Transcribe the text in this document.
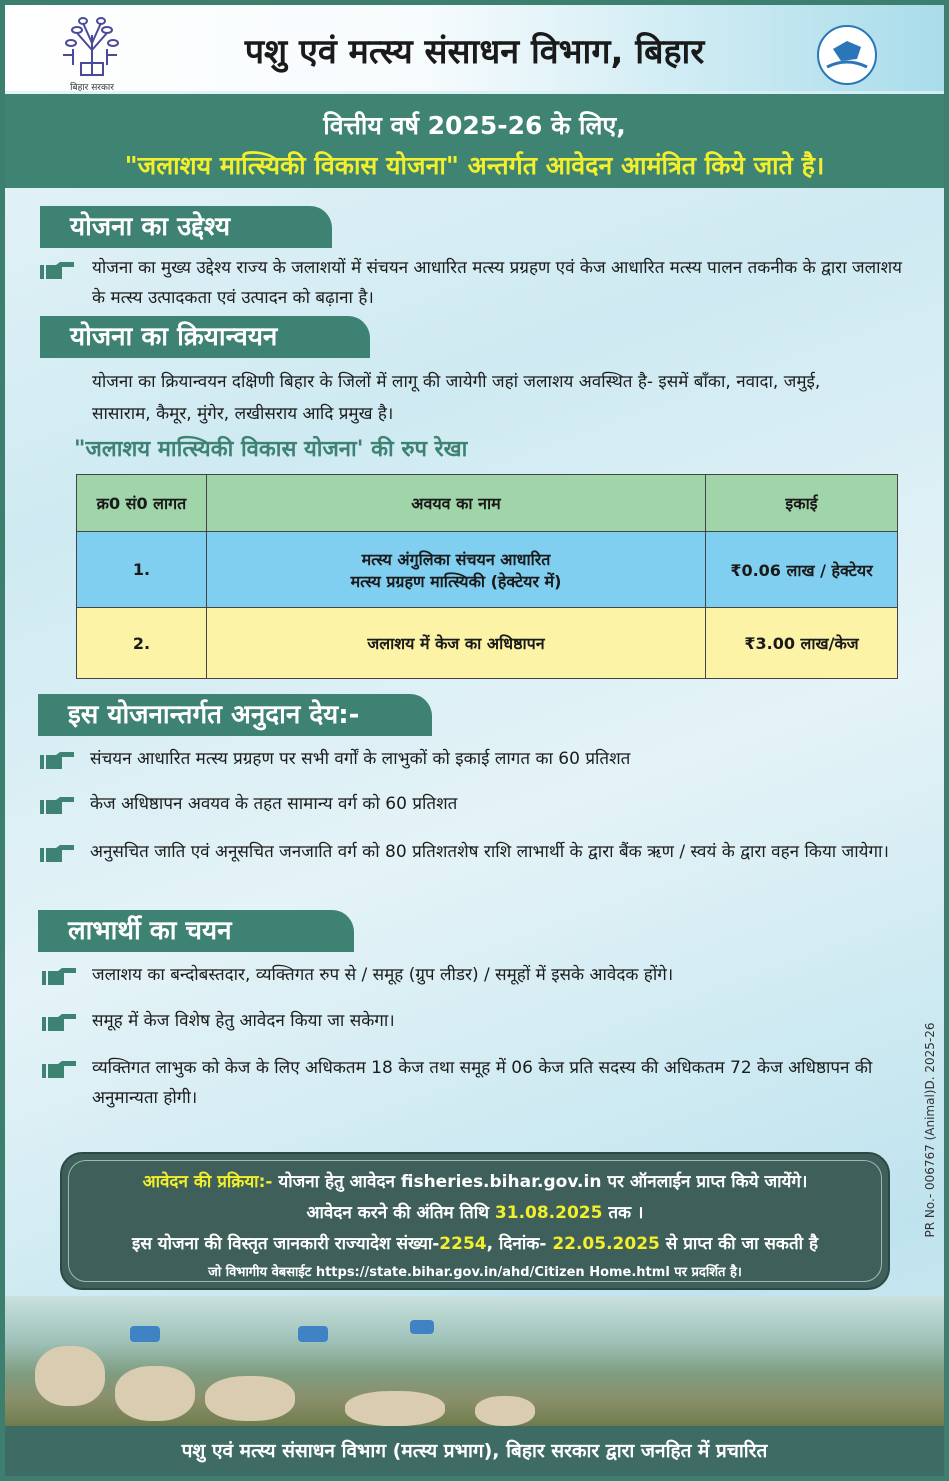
बिहार सरकार
पशु एवं मत्स्य संसाधन विभाग, बिहार
वित्तीय वर्ष 2025-26 के लिए,
"जलाशय मात्स्यिकी विकास योजना" अन्तर्गत आवेदन आमंत्रित किये जाते है।
योजना का उद्देश्य
योजना का मुख्य उद्देश्य राज्य के जलाशयों में संचयन आधारित मत्स्य प्रग्रहण एवं केज आधारित मत्स्य पालन तकनीक के द्वारा जलाशय के मत्स्य उत्पादकता एवं उत्पादन को बढ़ाना है।
योजना का क्रियान्वयन
योजना का क्रियान्वयन दक्षिणी बिहार के जिलों में लागू की जायेगी जहां जलाशय अवस्थित है- इसमें बाँका, नवादा, जमुई, सासाराम, कैमूर, मुंगेर, लखीसराय आदि प्रमुख है।
"जलाशय मात्स्यिकी विकास योजना' की रुप रेखा
क्र0 सं0 लागत	अवयव का नाम	इकाई
1.	मत्स्य अंगुलिका संचयन आधारित
मत्स्य प्रग्रहण मात्स्यिकी (हेक्टेयर में)	₹0.06 लाख / हेक्टेयर
2.	जलाशय में केज का अधिष्ठापन	₹3.00 लाख/केज
इस योजनान्तर्गत अनुदान देय:-
संचयन आधारित मत्स्य प्रग्रहण पर सभी वर्गों के लाभुकों को इकाई लागत का 60 प्रतिशत
केज अधिष्ठापन अवयव के तहत सामान्य वर्ग को 60 प्रतिशत
अनुसचित जाति एवं अनूसचित जनजाति वर्ग को 80 प्रतिशतशेष राशि लाभार्थी के द्वारा बैंक ऋण / स्वयं के द्वारा वहन किया जायेगा।
लाभार्थी का चयन
जलाशय का बन्दोबस्तदार, व्यक्तिगत रुप से / समूह (ग्रुप लीडर) / समूहों में इसके आवेदक होंगे।
समूह में केज विशेष हेतु आवेदन किया जा सकेगा।
व्यक्तिगत लाभुक को केज के लिए अधिकतम 18 केज तथा समूह में 06 केज प्रति सदस्य की अधिकतम 72 केज अधिष्ठापन की अनुमान्यता होगी।	PR No.- 006767 (Animal)D. 2025-26

आवेदन की प्रक्रिया:- योजना हेतु आवेदन fisheries.bihar.gov.in पर ऑनलाईन प्राप्त किये जायेंगे।

आवेदन करने की अंतिम तिथि 31.08.2025 तक ।

इस योजना की विस्तृत जानकारी राज्यादेश संख्या-2254, दिनांक- 22.05.2025 से प्राप्त की जा सकती है

जो विभागीय वेबसाईट https://state.bihar.gov.in/ahd/Citizen Home.html पर प्रदर्शित है।

पशु एवं मत्स्य संसाधन विभाग (मत्स्य प्रभाग), बिहार सरकार द्वारा जनहित में प्रचारित
